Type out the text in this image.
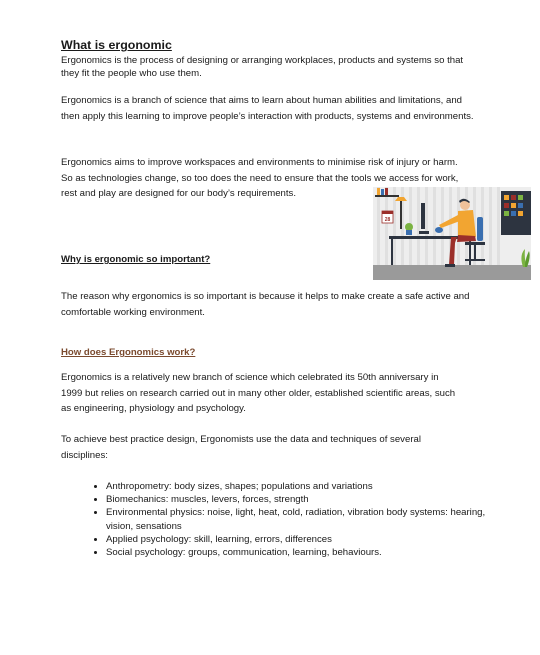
What is ergonomic

Ergonomics is the process of designing or arranging workplaces, products and systems so that they fit the people who use them.

Ergonomics is a branch of science that aims to learn about human abilities and limitations, and then apply this learning to improve people’s interaction with products, systems and environments.

Ergonomics aims to improve workspaces and environments to minimise risk of injury or harm. So as technologies change, so too does the need to ensure that the tools we access for work, rest and play are designed for our body’s requirements.

28
Why is ergonomic so important?

The reason why ergonomics is so important is because it helps to make create a safe active and comfortable working environment.

How does Ergonomics work?

Ergonomics is a relatively new branch of science which celebrated its 50th anniversary in 1999 but relies on research carried out in many other older, established scientific areas, such as engineering, physiology and psychology.

To achieve best practice design, Ergonomists use the data and techniques of several disciplines:

• Anthropometry: body sizes, shapes; populations and variations
• Biomechanics: muscles, levers, forces, strength
• Environmental physics: noise, light, heat, cold, radiation, vibration body systems: hearing, vision, sensations
• Applied psychology: skill, learning, errors, differences
• Social psychology: groups, communication, learning, behaviours.
